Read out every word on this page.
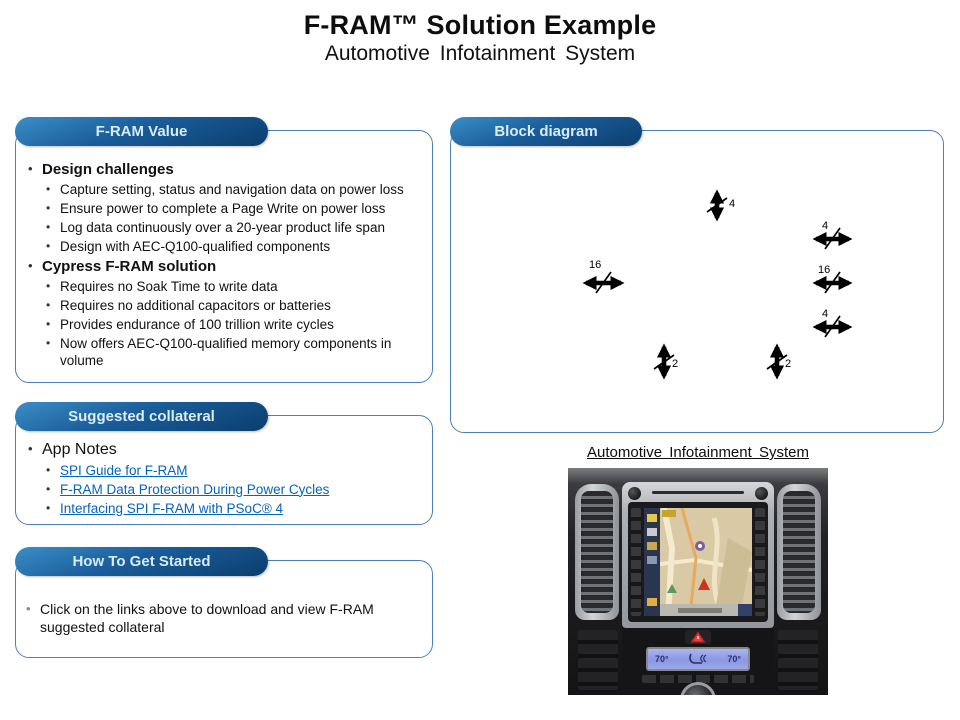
F-RAM™ Solution Example
Automotive Infotainment System
F-RAM Value
• Design challenges
• Capture setting, status and navigation data on power loss
• Ensure power to complete a Page Write on power loss
• Log data continuously over a 20-year product life span
• Design with AEC-Q100-qualified components
• Cypress F-RAM solution
• Requires no Soak Time to write data
• Requires no additional capacitors or batteries
• Provides endurance of 100 trillion write cycles
• Now offers AEC-Q100-qualified memory components in volume
Suggested collateral
• App Notes
• SPI Guide for F-RAM
• F-RAM Data Protection During Power Cycles
• Interfacing SPI F-RAM with PSoC® 4
How To Get Started
• Click on the links above to download and view F-RAM suggested collateral
Block diagram
4
16
4
16
4
2	2
Automotive Infotainment System
70°	70°
